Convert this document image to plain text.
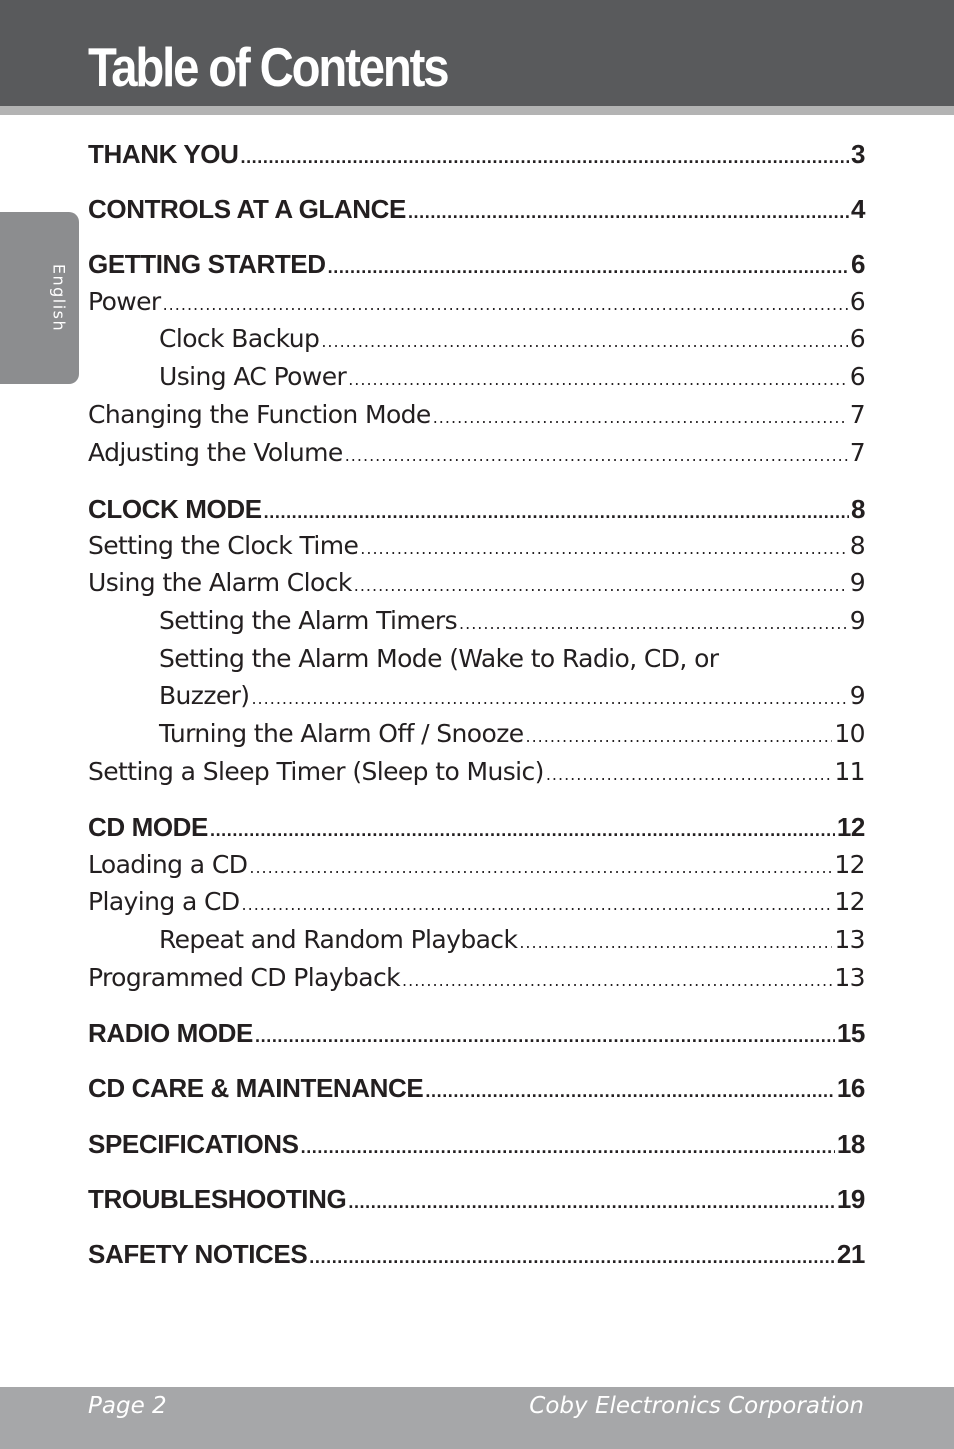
Table of Contents
English
THANK YOU .....	3
CONTROLS AT A GLANCE .....	4
GETTING STARTED .....	6
Power .....	6
Clock Backup .....	6
Using AC Power .....	6
Changing the Function Mode .....	7
Adjusting the Volume .....	7
CLOCK MODE .....	8
Setting the Clock Time .....	8
Using the Alarm Clock .....	9
Setting the Alarm Timers .....	9
Setting the Alarm Mode (Wake to Radio, CD, or
Buzzer) .....	9
Turning the Alarm Off / Snooze .....	10
Setting a Sleep Timer (Sleep to Music) .....	11
CD MODE .....	12
Loading a CD .....	12
Playing a CD .....	12
Repeat and Random Playback .....	13
Programmed CD Playback .....	13
RADIO MODE .....	15
CD CARE & MAINTENANCE .....	16
SPECIFICATIONS .....	18
TROUBLESHOOTING .....	19
SAFETY NOTICES .....	21
Page 2	Coby Electronics Corporation
